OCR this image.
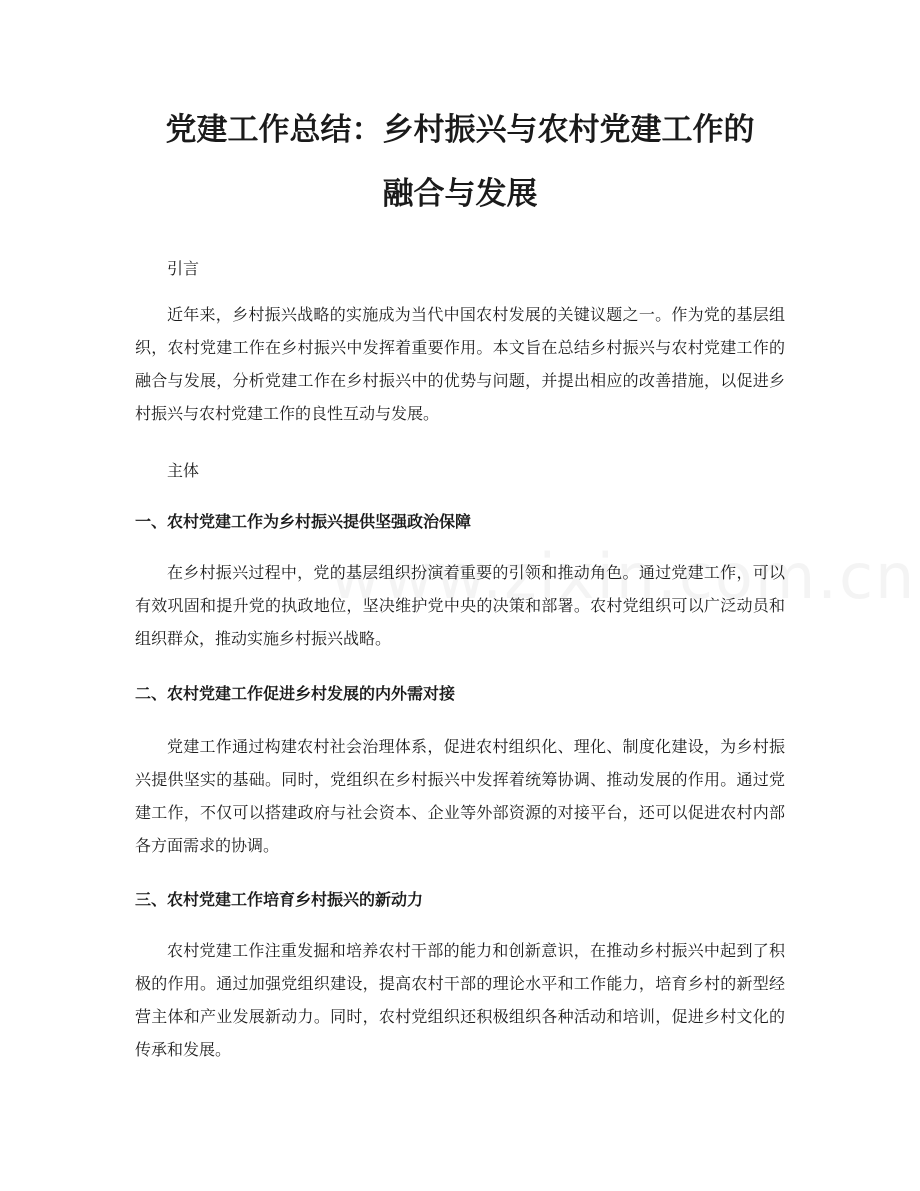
党建工作总结：乡村振兴与农村党建工作的
融合与发展

引言

近年来，乡村振兴战略的实施成为当代中国农村发展的关键议题之一。作为党的基层组织，农村党建工作在乡村振兴中发挥着重要作用。本文旨在总结乡村振兴与农村党建工作的融合与发展，分析党建工作在乡村振兴中的优势与问题，并提出相应的改善措施，以促进乡村振兴与农村党建工作的良性互动与发展。

主体

一、农村党建工作为乡村振兴提供坚强政治保障

在乡村振兴过程中，党的基层组织扮演着重要的引领和推动角色。通过党建工作，可以有效巩固和提升党的执政地位，坚决维护党中央的决策和部署。农村党组织可以广泛动员和组织群众，推动实施乡村振兴战略。

二、农村党建工作促进乡村发展的内外需对接

党建工作通过构建农村社会治理体系，促进农村组织化、理化、制度化建设，为乡村振兴提供坚实的基础。同时，党组织在乡村振兴中发挥着统筹协调、推动发展的作用。通过党建工作，不仅可以搭建政府与社会资本、企业等外部资源的对接平台，还可以促进农村内部各方面需求的协调。

三、农村党建工作培育乡村振兴的新动力

农村党建工作注重发掘和培养农村干部的能力和创新意识，在推动乡村振兴中起到了积极的作用。通过加强党组织建设，提高农村干部的理论水平和工作能力，培育乡村的新型经营主体和产业发展新动力。同时，农村党组织还积极组织各种活动和培训，促进乡村文化的传承和发展。
